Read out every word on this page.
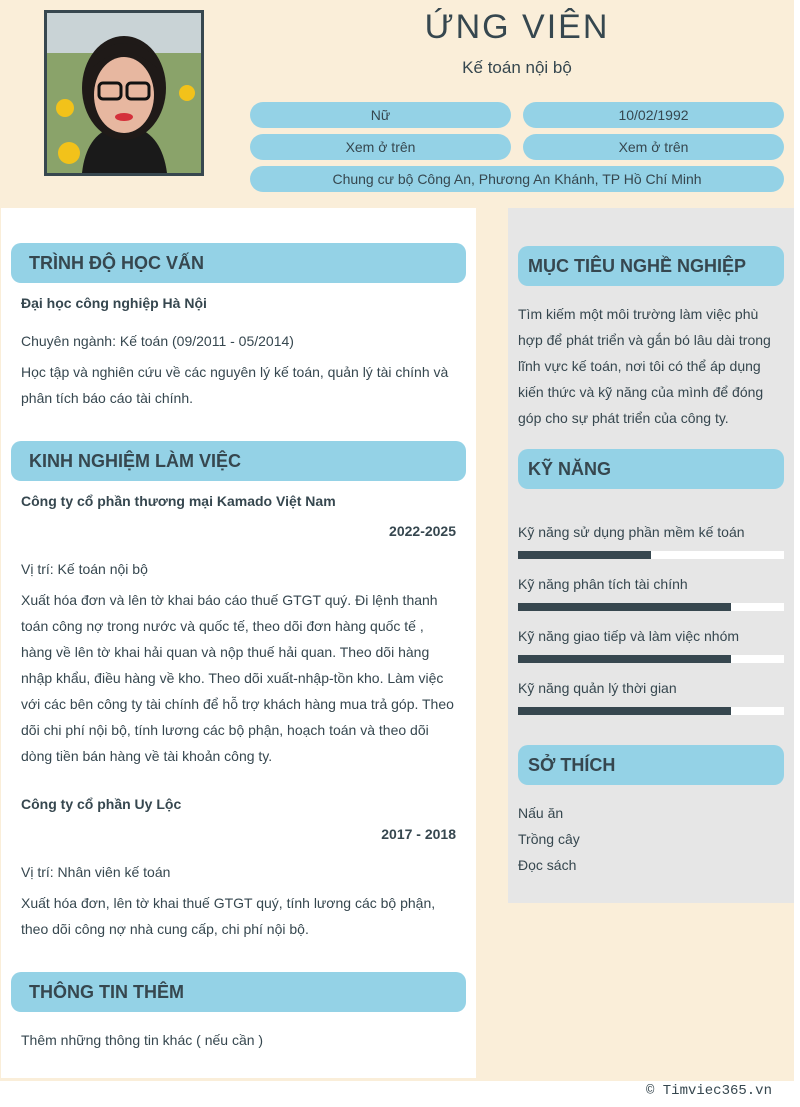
ỨNG VIÊN
Kế toán nội bộ
Nữ	10/02/1992
Xem ở trên	Xem ở trên
Chung cư bộ Công An, Phương An Khánh, TP Hồ Chí Minh
TRÌNH ĐỘ HỌC VẤN
Đại học công nghiệp Hà Nội
Chuyên ngành: Kế toán (09/2011 - 05/2014)
Học tập và nghiên cứu về các nguyên lý kế toán, quản lý tài chính và phân tích báo cáo tài chính.
KINH NGHIỆM LÀM VIỆC
Công ty cổ phần thương mại Kamado Việt Nam
2022-2025
Vị trí: Kế toán nội bộ
Xuất hóa đơn và lên tờ khai báo cáo thuế GTGT quý. Đi lệnh thanh toán công nợ trong nước và quốc tế, theo dõi đơn hàng quốc tế , hàng về lên tờ khai hải quan và nộp thuế hải quan. Theo dõi hàng nhập khẩu, điều hàng về kho. Theo dõi xuất-nhập-tồn kho. Làm việc với các bên công ty tài chính để hỗ trợ khách hàng mua trả góp. Theo dõi chi phí nội bộ, tính lương các bộ phận, hoạch toán và theo dõi dòng tiền bán hàng về tài khoản công ty.
Công ty cổ phần Uy Lộc
2017 - 2018
Vị trí: Nhân viên kế toán
Xuất hóa đơn, lên tờ khai thuế GTGT quý, tính lương các bộ phận, theo dõi công nợ nhà cung cấp, chi phí nội bộ.
THÔNG TIN THÊM
Thêm những thông tin khác ( nếu cần )
MỤC TIÊU NGHỀ NGHIỆP
Tìm kiếm một môi trường làm việc phù hợp để phát triển và gắn bó lâu dài trong lĩnh vực kế toán, nơi tôi có thể áp dụng kiến thức và kỹ năng của mình để đóng góp cho sự phát triển của công ty.
KỸ NĂNG
Kỹ năng sử dụng phần mềm kế toán
Kỹ năng phân tích tài chính
Kỹ năng giao tiếp và làm việc nhóm
Kỹ năng quản lý thời gian
SỞ THÍCH
Nấu ăn
Trồng cây
Đọc sách
© Timviec365.vn
